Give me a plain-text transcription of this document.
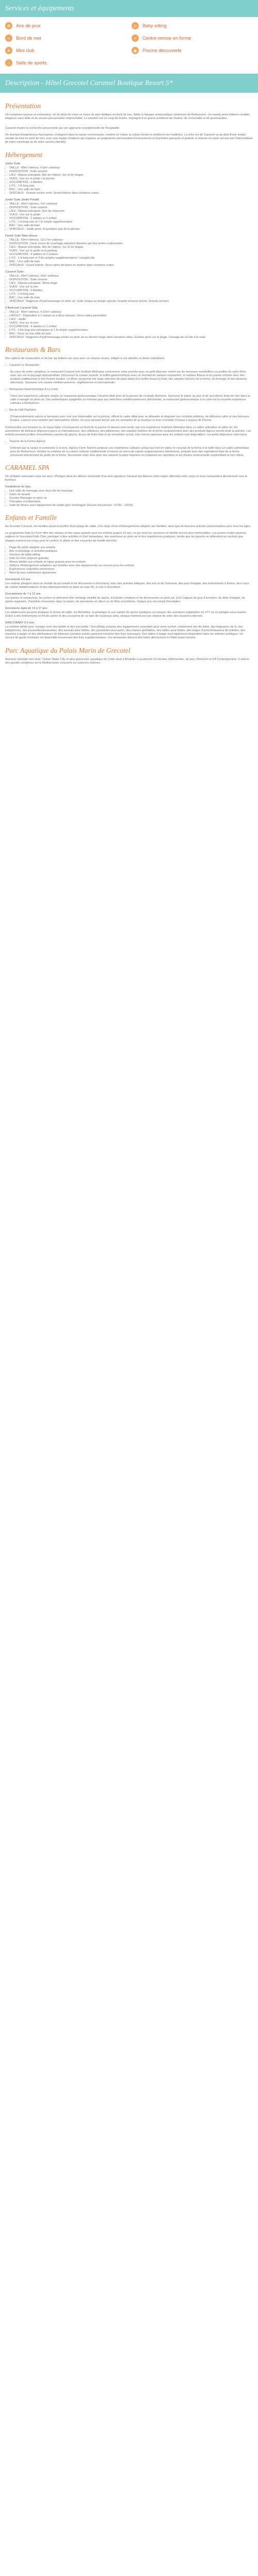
Services et équipements
✿	Aire de jeux	☺	Baby-sitting
≈	Bord de mer	+	Centre remise en forme
★	Mini club	◉	Piscine découverte
⌂	Salle de sports
Description - Hôtel Grecotel Caramel Boutique Resort 5*
Présentation

Un complexe luxueux et enchanteur, né du désir de créer un havre de paix idyllique en bord de mer, fidèle à l'époque aristocratique vénitienne de Rethymnon. Un monde privé élaboré candide, élégance sans faille et de service personnalisé irréprochable. Le caramel est un coup de foudre, imprégné d'un grand sentiment de chaleur, de convivialité et de gourmandise.

Caramel inspire la recherche personnelle par son approche exceptionnelle de l'hospitalité.

Un éventail d'expériences fascinantes s'intègrent dans la nature environnante, mettent en valeur la culture locale et célèbrent ses traditions. La riche vie de Caramel va au-delà d'une simple retraite de luxe en bord de mer, avec une équipe d'experts qui organise un programme personnalisé d'événements et d'activités passants et gratuits et réserve en outre service par l'intermédiaire de notre concierge ou de notre service clientèle.

Hébergement
Junior Suite
• TAILLE : 40m² intérieur, 6-9m² extérieur
• DISPOSITION : Suite ouverte
• LIEU : Maison principale. Aile de l'atrium, 1er et 2e étages
• VUES : Vue sur le jardin / la piscine
• OCCUPATION : 2 Adultes
• LITS : 1 lit king size
• BAC : Une salle de bain
• SPÉCIAUX : Grands enclos verts. Grand balcon dans certaines suites.
Junior Suite Jardin Privatif:
• TAILLE : 40m² intérieur, 7m² extérieur
• DISPOSITION : Suite ouverte
• LIEU : Maison principale. Rez de chaussée
• VUES : Vue sur le jardin
• OCCUPATION : 2 adultes et 1 enfant
• LITS : 1 lit king size et 1 lit simple supplémentaire
• BAC : Une salle de bain
• SPÉCIAUX : Jardin privé. À quelques pas de la piscine.
Family Suite Main House:
• TAILLE : 50m² intérieur, 13-17m² extérieur
• DISPOSITION : Deux zones de couchage séparées divisées par des portes coulissantes
• LIEU : Maison principale. Aile de l'atrium, 1er et 2e étages
• VUES : Vue sur le jardin et la parking
• OCCUPATION : 2 adultes et 2 enfants
• LITS : 1 lit king size et 2 lits simples supplémentaires / canapés-lits
• BAC : Une salle de bain
• SPÉCIAUX : Grand balcon. Deux salles de bains en marbre dans certaines suites.
Caramel Suite:
• TAILLE : 50m² intérieur, 20m² extérieur
• DISPOSITION : Suite ouverte
• LIEU : Maison principale. 2ème étage
• VUES : Vue sur la mer
• OCCUPATION : 2 Adultes
• LITS : 1 lit king size
• BAC : Une salle de bain
• SPÉCIAUX : Baignoire d'hydromassage en plein air. Suite unique au design spécial. Grande terrasse privée. Grande armoire.
2 Bedroom Caramel Villa:
• TAILLE : 80m² intérieur, 4-10m² extérieur
• LAYOUT : Disposition à 1 niveau ou à deux niveaux. Deux suites parentales
• LIEU : Jardin
• VUES : Vue sur la mer
• OCCUPATION : 4 adultes et 1 enfant
• LITS : 2 lits king size principaux et 1 lit simple supplémentaire
• BAC : Deux ou une salle de bain
• SPÉCIAUX : Baignoire d'hydromassage privée en plein air ou dernier étage dans certaines villas. Gazebo privé sur le plage. Carriage de sol fait à la main.
Restaurants & Bars

Des options de restauration et de bar qui brillent vos sens avec un charme vivace, adapté à vos attentes et désirs individuels.

• Caramel Le Restaurant

Au cœur de notre complexe, le restaurant Caramel est l'endroit idéal pour commencer votre journée avec un petit-déjeuner animé sur les terrasses ensoleillées ou profiter de votre dîner avec vue sur le paysage époustouflant. Découvrez la cuisine ouverte, le buffet gastronomique avec un éventail de saveurs inspirantes, le meilleur fitness et la cuisine crétoise avec des produits traditionnels et des fromes locales. Le dîner comprend une large sélection de plats allant d'un buffet chaud et froid, des salades fraîches de la ferme, du fromage et des desserts alléchants. Savourez une cuisine méditerranéenne, végétarienne et internationale.

• Restaurant Gastronomique A La Carte

Vivez une expérience culinaire unique au restaurant gastronomique Caramel situé près de la piscine de cocktails illuminés. Savourez le plaisir du jour et de succulents fruits de mer dans la salle à manger en plein air. Des authentiques spaghettis au homard gras aux sélections méditerranéennes alléchantes, le restaurant gastronomique à la carte est la nouvelle expérience culinaire à Rethymnon.

• Bar du Hall Panthéro

D'impressionnants salons et terrasses avec une vue imprenable sur la piscine, offrent le cadre idéal pour se détendre et déguster vos cocktails préférés, de délicieux cafés et des boissons locales. Laissez-vous séduire par l'atmosphère intime, en vous laissant bercer par les serinades de la musique et avec Cocktails Chaises Longues de Piscine.

Commandez une boisson ou un repas léger à la brasserie au bord de la piscine et laissez-vous tenter par une expérience vraiment détendue dans ce cadre splendeur en plein air. Un assortiment de délicieux déjeuners grecs et internationaux, des collations, des pâtisseries, des salades fraîches de la ferme exclusivement avec des produits Agreco seront toute la journée. Les enfants peuvent profiter d'excellentes saveurs de glaces, de jus de fruits frais et de smoothies au bar. Une menus spéciaux pour les enfants sont disponibles. Les petits déjeuners sont inclus

• Taverne de la Ferme Agreco

Embrant par la nature et connectez à la terre, Agreco Farm Taverne propose une expérience culinaire unique qui met en valeur le concept de la ferme à la table dans un cadre authentique près de Rethymnon. Goûtez au meilleur de la cuisine crétoise traditionnelle à travers un menu de saison soigneusement sélectionné, préparé avec des ingrédients frais de la ferme provenant directement du jardin de la ferme. Nourrissez votre âme avec des saveurs locales inspirées en explorant les vignobles et les oliviers environnants surplombant la mer infinie.

CARAMEL SPA

Un véritable sanctuaire pour les sens ! Plongez dans les délices sensoriels d'un soin signature Caramel qui libérera votre esprit, détendra votre corps et vous transportera directement vers le bonheur.

Installations du Spa:
• Une salle de massage avec deux lits de massage
• Salon de beauté
• Guedes Massage en plein air
• Thérapies et traitements
• Salle de fitness avec équipement de cardio gym Technogym (heures d'ouverture : 07:00 – 20:00)
Enfants et Famille

Au Grecotel Caramel, les familles peuvent profiter d'une plage de sable, d'un large choix d'hébergements adaptés aux familles, ainsi que de diverses activités passionnantes pour tous les âges.

Le programme Kids Go Free offre des séjours et des repas gratuits pour les enfants jusqu'à 12 ans, ce qui rend les vacances en famille encore plus mémorables. Les jeunes invités peuvent explorer le Grecoland Kids Club, participer à des activités et d'art fantastique, des aventures en plein air et des expériences pratiques, tandis que les parents se détendent en sachant que chaque moment est conçu pour le confort, le plaisir et des souvenirs de famille éternels.

• Plage de sable adaptée aux enfants
• Arts et bricolage et activités pratiques
• Services de baby-sitting
• Kids Go Free (séjours gratuits)
• Menus dédiés aux enfants et repas gratuits pour les enfants
• Options d'hébergement adaptées aux familles avec des équipements sur mesure pour les enfants
• Expériences culturelles immersives
• Aires de jeux extérieures spacieuses
Grecolandz 4-6 ans

Les enfants plongent dans un monde de jeu créatif et de découverte à Grecoland, avec des activités ludiques, des arts et de l'artisanat, des jeux d'équipe, des événements à thème, des cours de cuisine hebdomadaires et des divertissements en plein air sans fin, le tout à Grecoland.

Grecoplanets de 7 à 12 ans

Les jeunes et aventureux, les juniors ici détectent d'un mélange stratifié de sports, d'activités créatives et de découvertes en plein air. Qu'il s'agisse de jeux d'aventure, de défis d'équipe, de sports organisés, d'activités innovantes dans la nature, de spectacles en direct ou de films envoûtants, chaque jour est rempli d'excitation.

Grecoteens âgés de 13 à 17 ans:

Les adolescents peuvent pratiquer le tennis de table, les fléchettes, la pétanque et une variété de sports nautiques ou essayer des aventures palpitantes en VTT ou en plongée sous-marine. Grâce à des événements en fin de soirée et des occasions de se faire de nouveaux amis, chaque moment est une chance de créer des souvenirs éternels.

GRECOBABY 0-3 ans:

La solution idéale pour voyager avec des bébés et des tout petits ! GrecoBaby propose des équipements essentiels pour votre confort, notamment des lits bébé, des baignoires de lit, des babyphones, des poussettes/poussettes, des transats pour bébés, des poussettes pour porte, des chaises gonflables, des tables pour bébés, des sièges d'auto/réhausseur de toilettes, des marches à langer et des stérilisateurs de biberons (certains articles peuvent entraîner des frais nouveaux). Des tables à langer sont également disponibles dans les toilettes publiques. Un service de garde d'enfants est disponible moyennant des frais supplémentaires. Les demandes doivent être faites directement à l'hôtel avant l'arrivée.

Parc Aquatique du Palais Marin de Grecotel

Aventure familiale non-stop ! Visitez Water City, le plus grand parc aquatique de Crète situé à Anopolis à seulement 10 minutes d'Amirandes, du parc Olimarvel et d'A Contemporaine. Il arbore des grands complexes de la Méditerranée conscient sur sciences marines.
